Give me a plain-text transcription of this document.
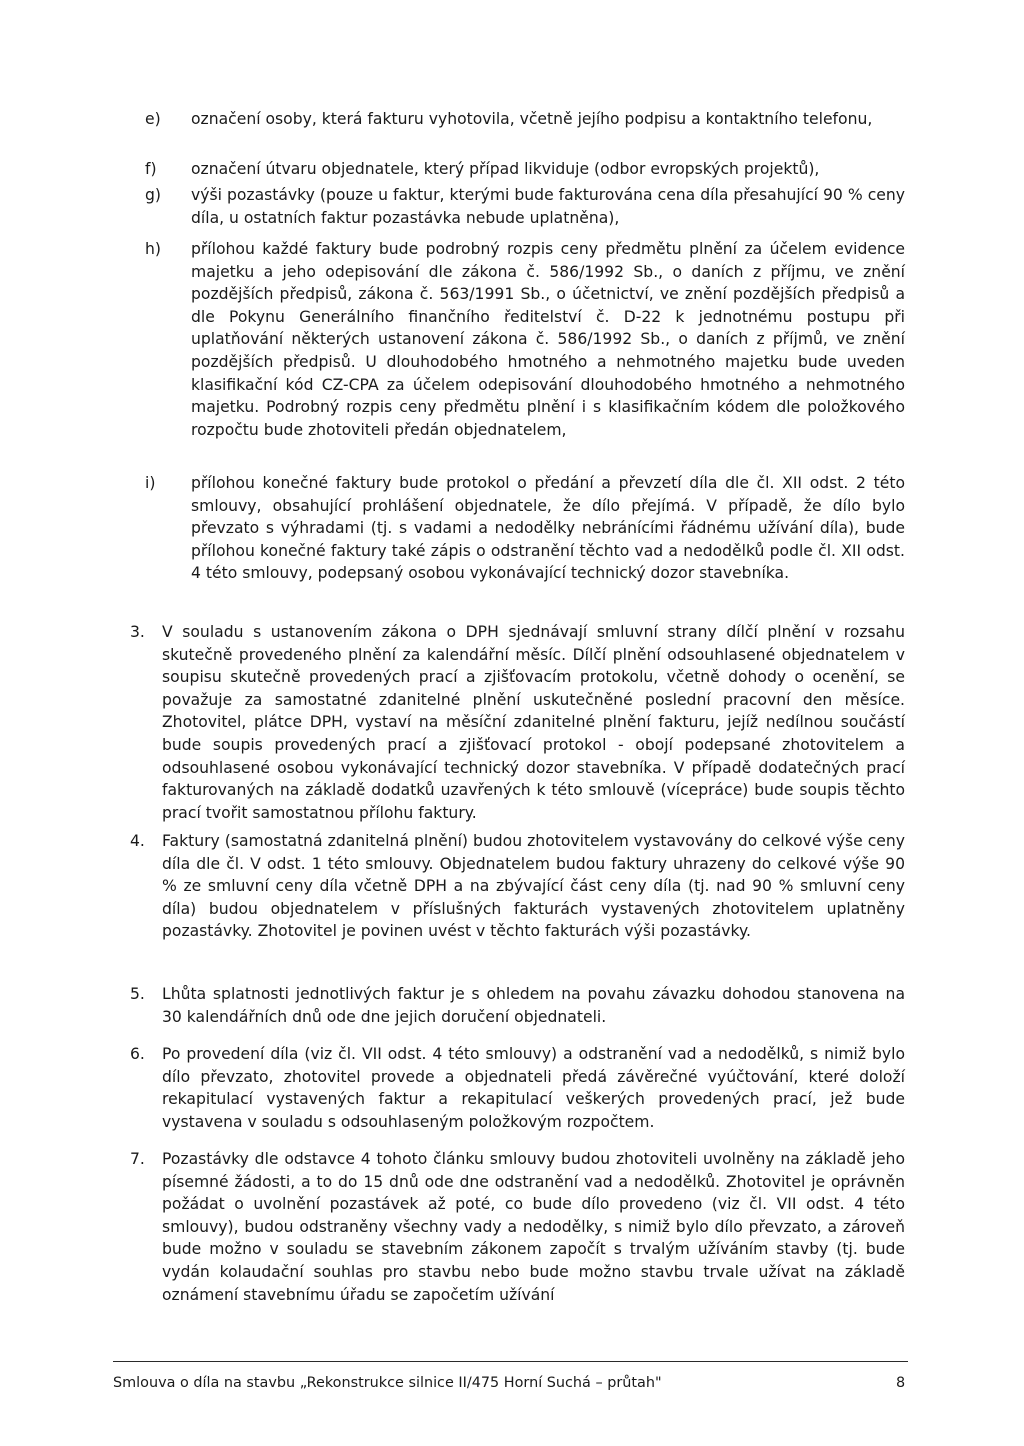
e) označení osoby, která fakturu vyhotovila, včetně jejího podpisu a kontaktního telefonu,

f) označení útvaru objednatele, který případ likviduje (odbor evropských projektů),

g) výši pozastávky (pouze u faktur, kterými bude fakturována cena díla přesahující 90 % ceny díla, u ostatních faktur pozastávka nebude uplatněna),

h) přílohou každé faktury bude podrobný rozpis ceny předmětu plnění za účelem evidence majetku a jeho odepisování dle zákona č. 586/1992 Sb., o daních z příjmu, ve znění pozdějších předpisů, zákona č. 563/1991 Sb., o účetnictví, ve znění pozdějších předpisů a dle Pokynu Generálního finančního ředitelství č. D-22 k jednotnému postupu při uplatňování některých ustanovení zákona č. 586/1992 Sb., o daních z příjmů, ve znění pozdějších předpisů. U dlouhodobého hmotného a nehmotného majetku bude uveden klasifikační kód CZ-CPA za účelem odepisování dlouhodobého hmotného a nehmotného majetku. Podrobný rozpis ceny předmětu plnění i s klasifikačním kódem dle položkového rozpočtu bude zhotoviteli předán objednatelem,

i) přílohou konečné faktury bude protokol o předání a převzetí díla dle čl. XII odst. 2 této smlouvy, obsahující prohlášení objednatele, že dílo přejímá. V případě, že dílo bylo převzato s výhradami (tj. s vadami a nedodělky nebránícími řádnému užívání díla), bude přílohou konečné faktury také zápis o odstranění těchto vad a nedodělků podle čl. XII odst. 4 této smlouvy, podepsaný osobou vykonávající technický dozor stavebníka.

3. V souladu s ustanovením zákona o DPH sjednávají smluvní strany dílčí plnění v rozsahu skutečně provedeného plnění za kalendářní měsíc. Dílčí plnění odsouhlasené objednatelem v soupisu skutečně provedených prací a zjišťovacím protokolu, včetně dohody o ocenění, se považuje za samostatné zdanitelné plnění uskutečněné poslední pracovní den měsíce. Zhotovitel, plátce DPH, vystaví na měsíční zdanitelné plnění fakturu, jejíž nedílnou součástí bude soupis provedených prací a zjišťovací protokol - obojí podepsané zhotovitelem a odsouhlasené osobou vykonávající technický dozor stavebníka. V případě dodatečných prací fakturovaných na základě dodatků uzavřených k této smlouvě (vícepráce) bude soupis těchto prací tvořit samostatnou přílohu faktury.

4. Faktury (samostatná zdanitelná plnění) budou zhotovitelem vystavovány do celkové výše ceny díla dle čl. V odst. 1 této smlouvy. Objednatelem budou faktury uhrazeny do celkové výše 90 % ze smluvní ceny díla včetně DPH a na zbývající část ceny díla (tj. nad 90 % smluvní ceny díla) budou objednatelem v příslušných fakturách vystavených zhotovitelem uplatněny pozastávky. Zhotovitel je povinen uvést v těchto fakturách výši pozastávky.

5. Lhůta splatnosti jednotlivých faktur je s ohledem na povahu závazku dohodou stanovena na 30 kalendářních dnů ode dne jejich doručení objednateli.

6. Po provedení díla (viz čl. VII odst. 4 této smlouvy) a odstranění vad a nedodělků, s nimiž bylo dílo převzato, zhotovitel provede a objednateli předá závěrečné vyúčtování, které doloží rekapitulací vystavených faktur a rekapitulací veškerých provedených prací, jež bude vystavena v souladu s odsouhlaseným položkovým rozpočtem.

7. Pozastávky dle odstavce 4 tohoto článku smlouvy budou zhotoviteli uvolněny na základě jeho písemné žádosti, a to do 15 dnů ode dne odstranění vad a nedodělků. Zhotovitel je oprávněn požádat o uvolnění pozastávek až poté, co bude dílo provedeno (viz čl. VII odst. 4 této smlouvy), budou odstraněny všechny vady a nedodělky, s nimiž bylo dílo převzato, a zároveň bude možno v souladu se stavebním zákonem započít s trvalým užíváním stavby (tj. bude vydán kolaudační souhlas pro stavbu nebo bude možno stavbu trvale užívat na základě oznámení stavebnímu úřadu se započetím užívání

Smlouva o díla na stavbu „Rekonstrukce silnice II/475 Horní Suchá – průtah"	8
